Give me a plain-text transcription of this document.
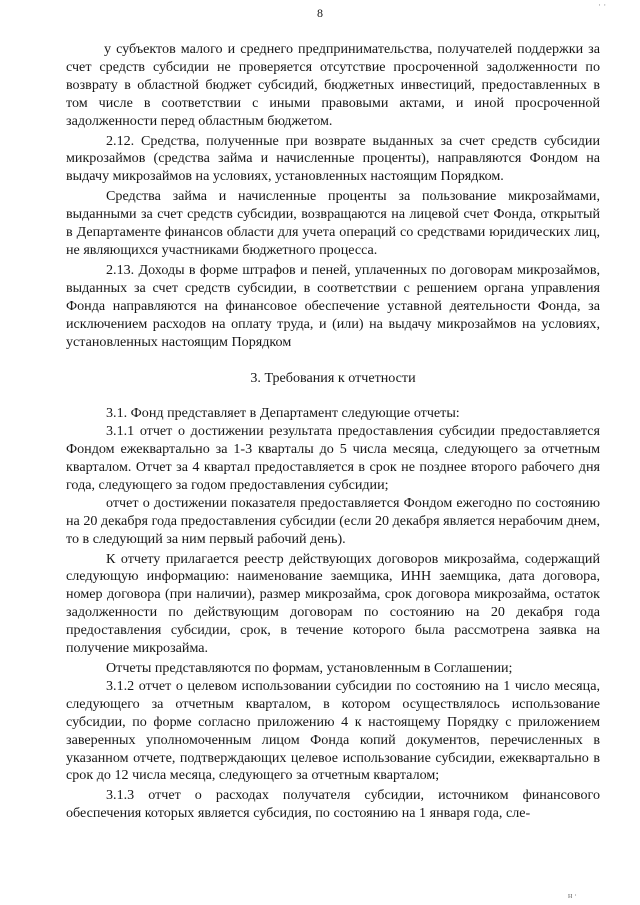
· ·
8

у субъектов малого и среднего предпринимательства, получателей поддержки за счет средств субсидии не проверяется отсутствие просроченной задолженности по возврату в областной бюджет субсидий, бюджетных инвестиций, предоставленных в том числе в соответствии с иными правовыми актами, и иной просроченной задолженности перед областным бюджетом.

2.12. Средства, полученные при возврате выданных за счет средств субсидии микрозаймов (средства займа и начисленные проценты), направляются Фондом на выдачу микрозаймов на условиях, установленных настоящим Порядком.

Средства займа и начисленные проценты за пользование микрозаймами, выданными за счет средств субсидии, возвращаются на лицевой счет Фонда, открытый в Департаменте финансов области для учета операций со средствами юридических лиц, не являющихся участниками бюджетного процесса.

2.13. Доходы в форме штрафов и пеней, уплаченных по договорам микрозаймов, выданных за счет средств субсидии, в соответствии с решением органа управления Фонда направляются на финансовое обеспечение уставной деятельности Фонда, за исключением расходов на оплату труда, и (или) на выдачу микрозаймов на условиях, установленных настоящим Порядком

3. Требования к отчетности

3.1. Фонд представляет в Департамент следующие отчеты:

3.1.1 отчет о достижении результата предоставления субсидии предоставляется Фондом ежеквартально за 1-3 кварталы до 5 числа месяца, следующего за отчетным кварталом. Отчет за 4 квартал предоставляется в срок не позднее второго рабочего дня года, следующего за годом предоставления субсидии;

отчет о достижении показателя предоставляется Фондом ежегодно по состоянию на 20 декабря года предоставления субсидии (если 20 декабря является нерабочим днем, то в следующий за ним первый рабочий день).

К отчету прилагается реестр действующих договоров микрозайма, содержащий следующую информацию: наименование заемщика, ИНН заемщика, дата договора, номер договора (при наличии), размер микрозайма, срок договора микрозайма, остаток задолженности по действующим договорам по состоянию на 20 декабря года предоставления субсидии, срок, в течение которого была рассмотрена заявка на получение микрозайма.

Отчеты представляются по формам, установленным в Соглашении;

3.1.2 отчет о целевом использовании субсидии по состоянию на 1 число месяца, следующего за отчетным кварталом, в котором осуществлялось использование субсидии, по форме согласно приложению 4 к настоящему Порядку с приложением заверенных уполномоченным лицом Фонда копий документов, перечисленных в указанном отчете, подтверждающих целевое использование субсидии, ежеквартально в срок до 12 числа месяца, следующего за отчетным кварталом;

3.1.3 отчет о расходах получателя субсидии, источником финансового обеспечения которых является субсидия, по состоянию на 1 января года, сле-

н ·
